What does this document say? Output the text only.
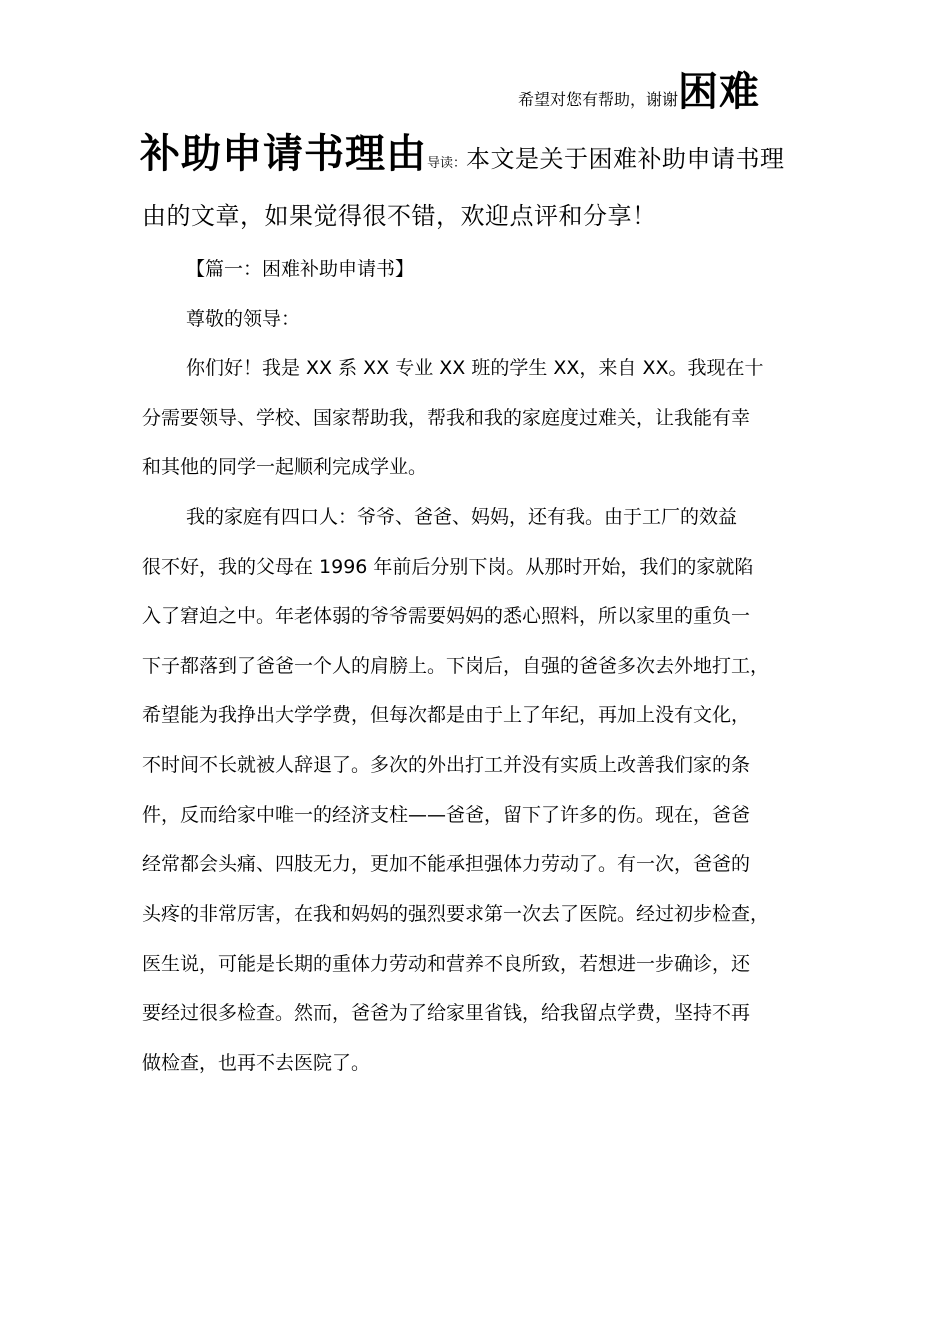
希望对您有帮助，谢谢困难
补助申请书理由导读：本文是关于困难补助申请书理
由的文章，如果觉得很不错，欢迎点评和分享！
【篇一：困难补助申请书】
尊敬的领导：
你们好！我是 XX 系 XX 专业 XX 班的学生 XX，来自 XX。我现在十
分需要领导、学校、国家帮助我，帮我和我的家庭度过难关，让我能有幸
和其他的同学一起顺利完成学业。
我的家庭有四口人：爷爷、爸爸、妈妈，还有我。由于工厂的效益
很不好，我的父母在 1996 年前后分别下岗。从那时开始，我们的家就陷
入了窘迫之中。年老体弱的爷爷需要妈妈的悉心照料，所以家里的重负一
下子都落到了爸爸一个人的肩膀上。下岗后，自强的爸爸多次去外地打工，
希望能为我挣出大学学费，但每次都是由于上了年纪，再加上没有文化，
不时间不长就被人辞退了。多次的外出打工并没有实质上改善我们家的条
件，反而给家中唯一的经济支柱——爸爸，留下了许多的伤。现在，爸爸
经常都会头痛、四肢无力，更加不能承担强体力劳动了。有一次，爸爸的
头疼的非常厉害，在我和妈妈的强烈要求第一次去了医院。经过初步检查，
医生说，可能是长期的重体力劳动和营养不良所致，若想进一步确诊，还
要经过很多检查。然而，爸爸为了给家里省钱，给我留点学费，坚持不再
做检查，也再不去医院了。
